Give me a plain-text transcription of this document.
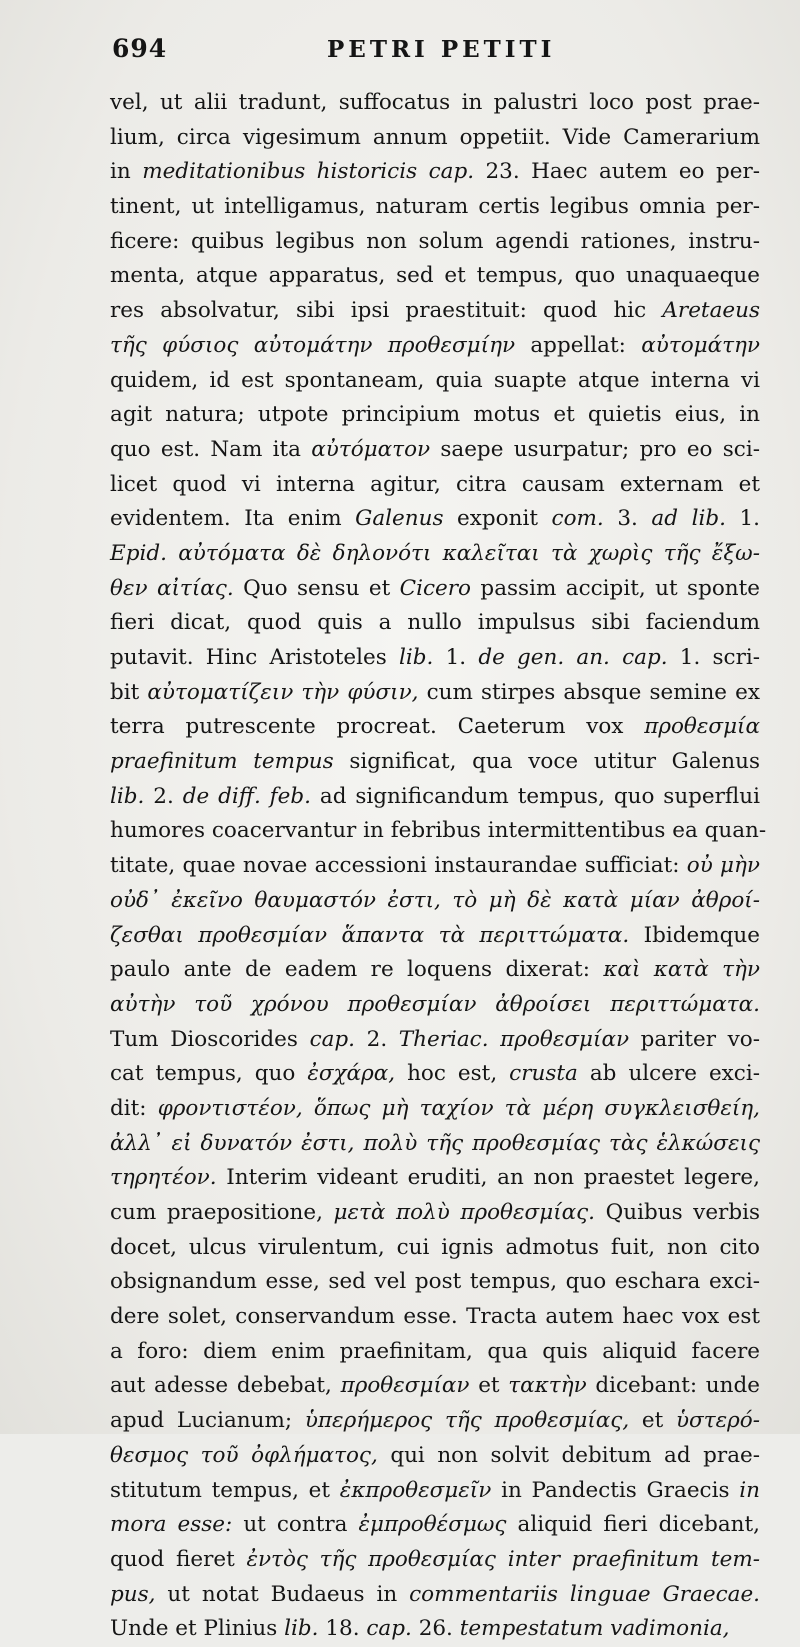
694	PETRI PETITI
vel, ut alii tradunt, suffocatus in palustri loco post prae-
lium, circa vigesimum annum oppetiit. Vide Camerarium
in meditationibus historicis cap. 23. Haec autem eo per-
tinent, ut intelligamus, naturam certis legibus omnia per-
ficere: quibus legibus non solum agendi rationes, instru-
menta, atque apparatus, sed et tempus, quo unaquaeque
res absolvatur, sibi ipsi praestituit: quod hic Aretaeus
τῆς φύσιος αὐτομάτην προθεσμίην appellat: αὐτομάτην
quidem, id est spontaneam, quia suapte atque interna vi
agit natura; utpote principium motus et quietis eius, in
quo est. Nam ita αὐτόματον saepe usurpatur; pro eo sci-
licet quod vi interna agitur, citra causam externam et
evidentem. Ita enim Galenus exponit com. 3. ad lib. 1.
Epid. αὐτόματα δὲ δηλονότι καλεῖται τὰ χωρὶς τῆς ἔξω-
θεν αἰτίας. Quo sensu et Cicero passim accipit, ut sponte
fieri dicat, quod quis a nullo impulsus sibi faciendum
putavit. Hinc Aristoteles lib. 1. de gen. an. cap. 1. scri-
bit αὐτοματίζειν τὴν φύσιν, cum stirpes absque semine ex
terra putrescente procreat. Caeterum vox προθεσμία
praefinitum tempus significat, qua voce utitur Galenus
lib. 2. de diff. feb. ad significandum tempus, quo superflui
humores coacervantur in febribus intermittentibus ea quan-
titate, quae novae accessioni instaurandae sufficiat: οὐ μὴν
οὐδ᾽ ἐκεῖνο θαυμαστόν ἐστι, τὸ μὴ δὲ κατὰ μίαν ἀθροί-
ζεσθαι προθεσμίαν ἅπαντα τὰ περιττώματα. Ibidemque
paulo ante de eadem re loquens dixerat: καὶ κατὰ τὴν
αὐτὴν τοῦ χρόνου προθεσμίαν ἀθροίσει περιττώματα.
Tum Dioscorides cap. 2. Theriac. προθεσμίαν pariter vo-
cat tempus, quo ἐσχάρα, hoc est, crusta ab ulcere exci-
dit: φροντιστέον, ὅπως μὴ ταχίον τὰ μέρη συγκλεισθείη,
ἀλλ᾽ εἰ δυνατόν ἐστι, πολὺ τῆς προθεσμίας τὰς ἑλκώσεις
τηρητέον. Interim videant eruditi, an non praestet legere,
cum praepositione, μετὰ πολὺ προθεσμίας. Quibus verbis
docet, ulcus virulentum, cui ignis admotus fuit, non cito
obsignandum esse, sed vel post tempus, quo eschara exci-
dere solet, conservandum esse. Tracta autem haec vox est
a foro: diem enim praefinitam, qua quis aliquid facere
aut adesse debebat, προθεσμίαν et τακτὴν dicebant: unde
apud Lucianum; ὑπερήμερος τῆς προθεσμίας, et ὑστερό-
θεσμος τοῦ ὀφλήματος, qui non solvit debitum ad prae-
stitutum tempus, et ἐκπροθεσμεῖν in Pandectis Graecis in
mora esse: ut contra ἐμπροθέσμως aliquid fieri dicebant,
quod fieret ἐντὸς τῆς προθεσμίας inter praefinitum tem-
pus, ut notat Budaeus in commentariis linguae Graecae.
Unde et Plinius lib. 18. cap. 26. tempestatum vadimonia,
